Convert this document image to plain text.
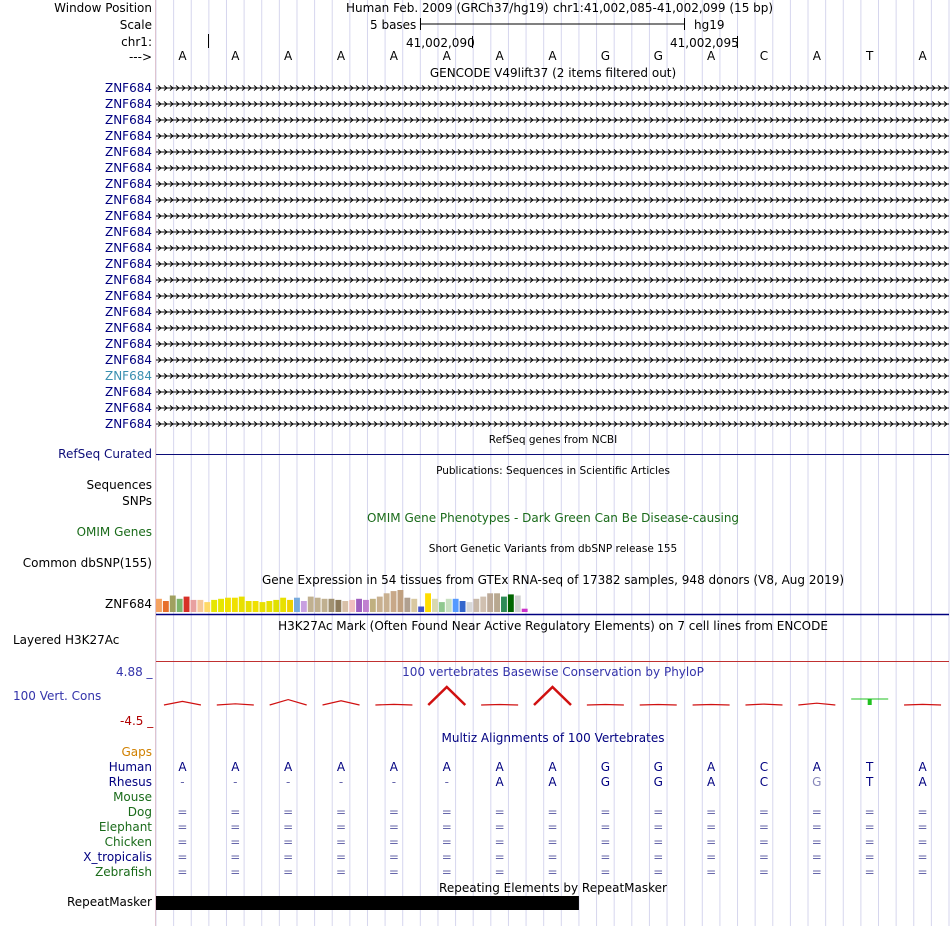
Window Position
Scale
chr1:
--->
Human Feb. 2009 (GRCh37/hg19) chr1:41,002,085-41,002,099 (15 bp)
5 bases	hg19
41,002,090	41,002,095
GENCODE V49lift37 (2 items filtered out)
RefSeq genes from NCBI
RefSeq Curated
Publications: Sequences in Scientific Articles
Sequences
SNPs
OMIM Gene Phenotypes - Dark Green Can Be Disease-causing
OMIM Genes
Short Genetic Variants from dbSNP release 155
Common dbSNP(155)
Gene Expression in 54 tissues from GTEx RNA-seq of 17382 samples, 948 donors (V8, Aug 2019)
ZNF684
H3K27Ac Mark (Often Found Near Active Regulatory Elements) on 7 cell lines from ENCODE
Layered H3K27Ac
100 vertebrates Basewise Conservation by PhyloP
4.88 _
100 Vert. Cons
-4.5 _
Multiz Alignments of 100 Vertebrates
Gaps
Repeating Elements by RepeatMasker
RepeatMasker
A	A	A	A	A	A	A	A	G	G	A	C	A	T	A
ZNF684
ZNF684
ZNF684
ZNF684
ZNF684
ZNF684
ZNF684
ZNF684
ZNF684
ZNF684
ZNF684
ZNF684
ZNF684
ZNF684
ZNF684
ZNF684
ZNF684
ZNF684
ZNF684
ZNF684
ZNF684
ZNF684
Human A	A	A	A	A	A	A	A	G	G	A	C	A	T	A
Rhesus -	-	-	-	-	-	A	A	G	G	A	C	G	T	A
Mouse
Dog =	=	=	=	=	=	=	=	=	=	=	=	=	=	=
Elephant =	=	=	=	=	=	=	=	=	=	=	=	=	=	=
Chicken =	=	=	=	=	=	=	=	=	=	=	=	=	=	=
X_tropicalis =	=	=	=	=	=	=	=	=	=	=	=	=	=	=
Zebrafish =	=	=	=	=	=	=	=	=	=	=	=	=	=	=
